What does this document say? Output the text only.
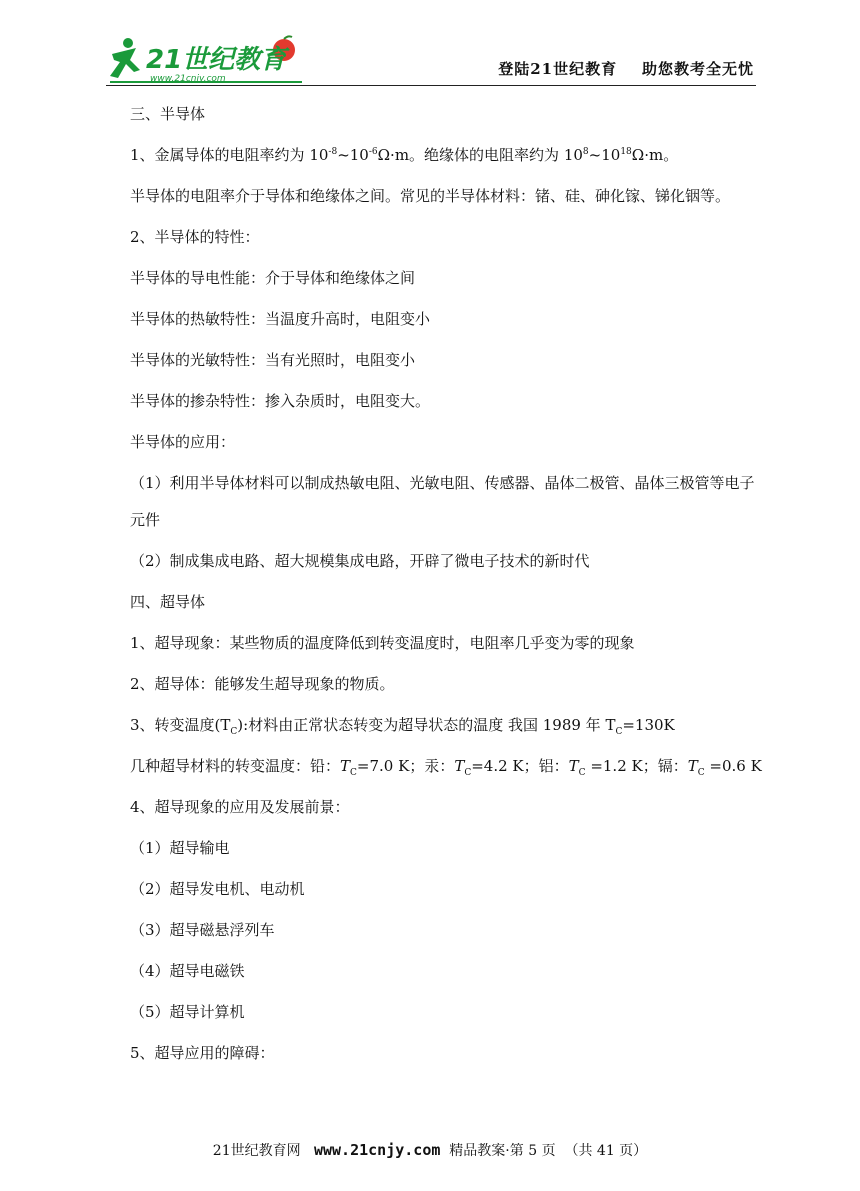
21世纪教育
www.21cnjy.com
登陆21世纪教育    助您教考全无忧

三、半导体

1、金属导体的电阻率约为 $10^{-8}\sim 10^{-6}\Omega\cdot m$。绝缘体的电阻率约为 $10^8\sim 10^{18}\Omega\cdot m$。

半导体的电阻率介于导体和绝缘体之间。常见的半导体材料：锗、硅、砷化镓、锑化铟等。

2、半导体的特性：

半导体的导电性能：介于导体和绝缘体之间

半导体的热敏特性：当温度升高时，电阻变小

半导体的光敏特性：当有光照时，电阻变小

半导体的掺杂特性：掺入杂质时，电阻变大。

半导体的应用：

（1）利用半导体材料可以制成热敏电阻、光敏电阻、传感器、晶体二极管、晶体三极管等电子元件

（2）制成集成电路、超大规模集成电路，开辟了微电子技术的新时代

四、超导体

1、超导现象：某些物质的温度降低到转变温度时，电阻率几乎变为零的现象

2、超导体：能够发生超导现象的物质。

3、转变温度$(T_C)$:材料由正常状态转变为超导状态的温度 我国 1989 年 $T_C=130K$

几种超导材料的转变温度：铅：$T_C=7.0$ K；汞：$T_C=4.2$ K；铝：$T_C =1.2$ K；镉：$T_C =0.6$ K

4、超导现象的应用及发展前景：

（1）超导输电

（2）超导发电机、电动机

（3）超导磁悬浮列车

（4）超导电磁铁

（5）超导计算机

5、超导应用的障碍：

21世纪教育网   www.21cnjy.com  精品教案·第 5 页  （共 41 页）
